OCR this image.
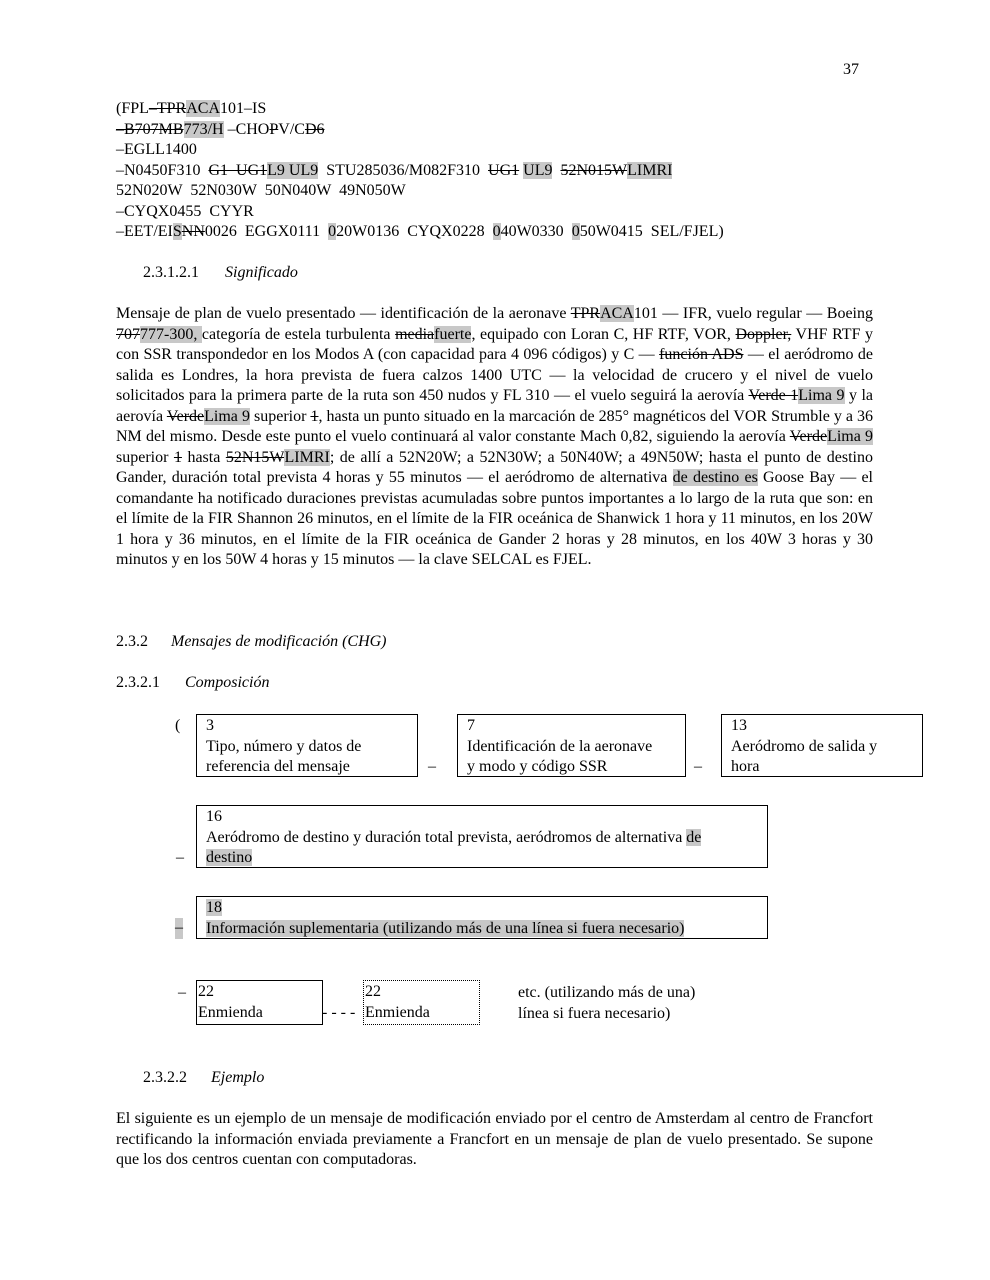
37
(FPL–TPRACA101–IS
–B707MB773/H –CHOPV/CD6
–EGLL1400
–N0450F310  G1  UG1L9 UL9  STU285036/M082F310  UG1 UL9 52N015WLIMRI
52N020W  52N030W  50N040W  49N050W
–CYQX0455  CYYR
–EET/EISNN0026  EGGX0111  020W0136  CYQX0228  040W0330  050W0415  SEL/FJEL)
2.3.1.2.1 Significado
Mensaje de plan de vuelo presentado — identificación de la aeronave TPRACA101 — IFR, vuelo regular — Boeing 707777-300, categoría de estela turbulenta mediafuerte, equipado con Loran C, HF RTF, VOR, Doppler, VHF RTF y con SSR transpondedor en los Modos A (con capacidad para 4 096 códigos) y C — función ADS — el aeródromo de salida es Londres, la hora prevista de fuera calzos 1400 UTC — la velocidad de crucero y el nivel de vuelo solicitados para la primera parte de la ruta son 450 nudos y FL 310 — el vuelo seguirá la aerovía Verde 1Lima 9 y la aerovía VerdeLima 9 superior 1, hasta un punto situado en la marcación de 285° magnéticos del VOR Strumble y a 36 NM del mismo. Desde este punto el vuelo continuará al valor constante Mach 0,82, siguiendo la aerovía VerdeLima 9 superior 1 hasta 52N15WLIMRI; de allí a 52N20W; a 52N30W; a 50N40W; a 49N50W; hasta el punto de destino Gander, duración total prevista 4 horas y 55 minutos — el aeródromo de alternativa de destino es Goose Bay — el comandante ha notificado duraciones previstas acumuladas sobre puntos importantes a lo largo de la ruta que son: en el límite de la FIR Shannon 26 minutos, en el límite de la FIR oceánica de Shanwick 1 hora y 11 minutos, en los 20W 1 hora y 36 minutos, en el límite de la FIR oceánica de Gander 2 horas y 28 minutos, en los 40W 3 horas y 30 minutos y en los 50W 4 horas y 15 minutos — la clave SELCAL es FJEL.
2.3.2 Mensajes de modificación (CHG)
2.3.2.1 Composición
( 3
Tipo, número y datos de
referencia del mensaje	–
7
Identificación de la aeronave
y modo y código SSR	–
13
Aeródromo de salida y
hora
–
16
Aeródromo de destino y duración total prevista, aeródromos de alternativa de
destino
–
18
Información suplementaria (utilizando más de una línea si fuera necesario)
– 22
Enmienda	- - - -
22
Enmienda
etc. (utilizando más de una)
línea si fuera necesario)
2.3.2.2 Ejemplo
El siguiente es un ejemplo de un mensaje de modificación enviado por el centro de Amsterdam al centro de Francfort rectificando la información enviada previamente a Francfort en un mensaje de plan de vuelo presentado. Se supone que los dos centros cuentan con computadoras.
